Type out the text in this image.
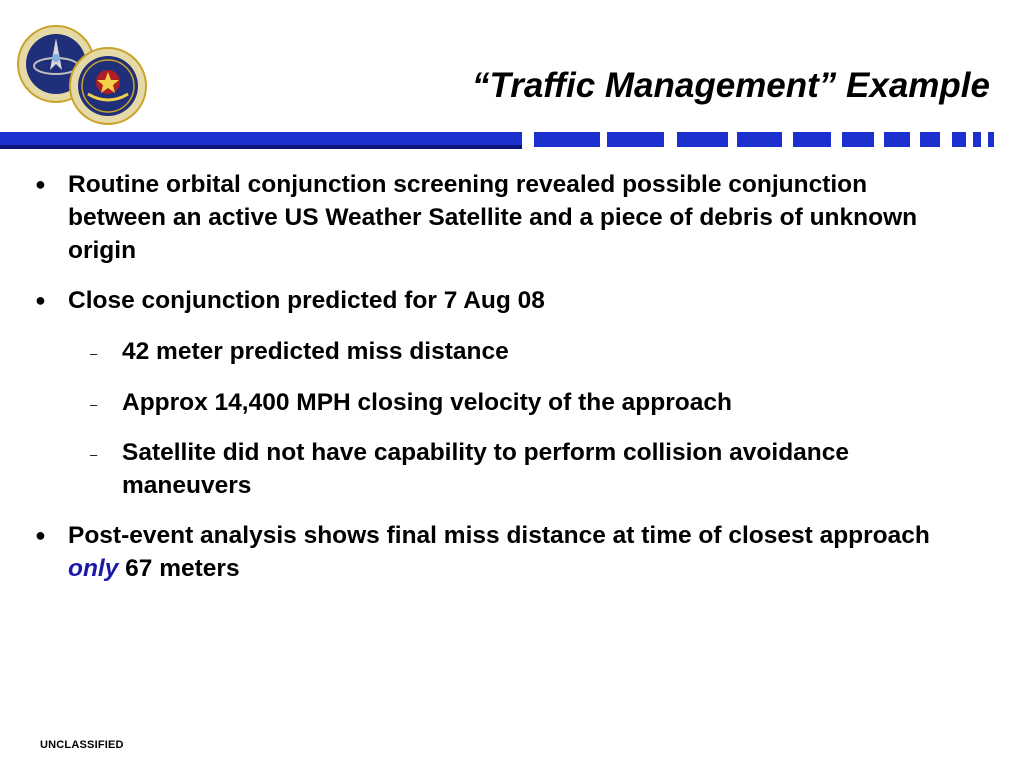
“Traffic Management” Example
● Routine orbital conjunction screening revealed possible conjunction between an active US Weather Satellite and a piece of debris of unknown origin
● Close conjunction predicted for 7 Aug 08
– 42 meter predicted miss distance
– Approx 14,400 MPH closing velocity of the approach
– Satellite did not have capability to perform collision avoidance maneuvers
● Post-event analysis shows final miss distance at time of closest approach only 67 meters
UNCLASSIFIED
